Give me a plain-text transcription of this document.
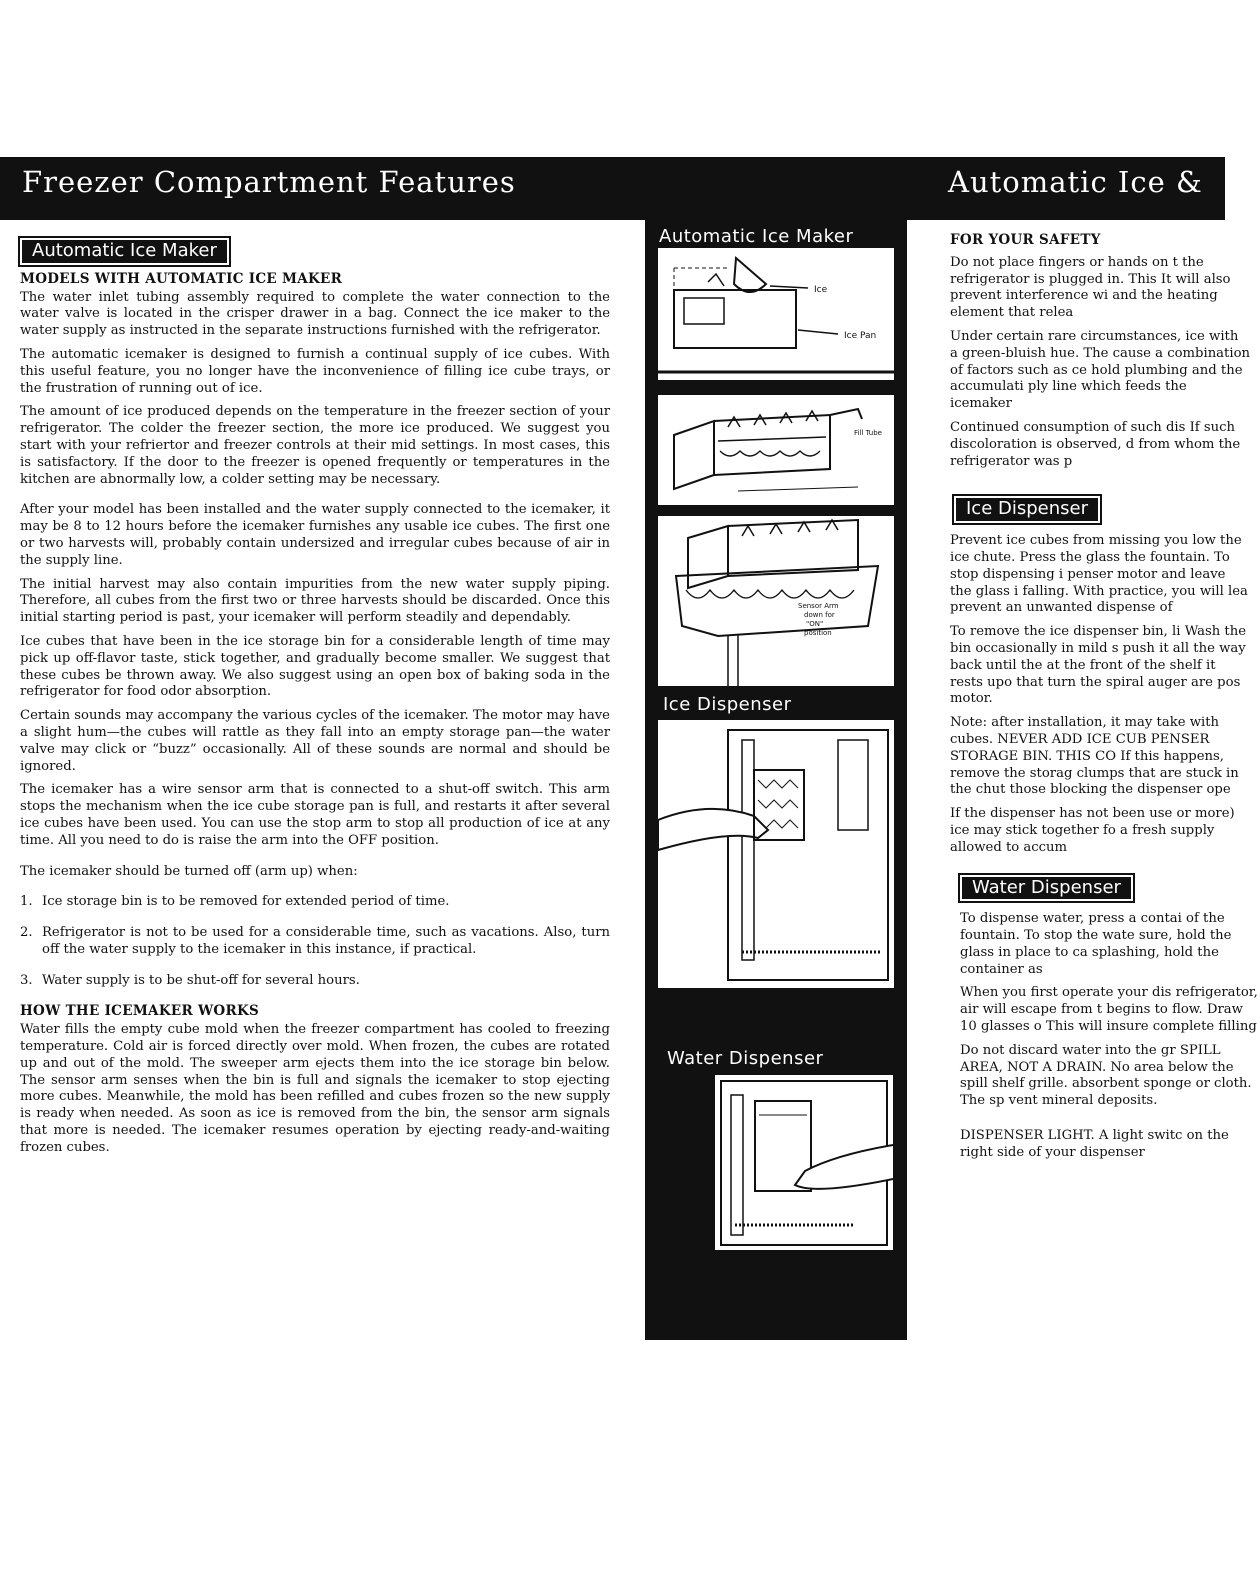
Freezer Compartment Features	Automatic Ice &
Automatic Ice Maker
MODELS WITH AUTOMATIC ICE MAKER

The water inlet tubing assembly required to complete the water connection to the water valve is located in the crisper drawer in a bag. Connect the ice maker to the water supply as instructed in the separate instructions furnished with the refrigerator.

The automatic icemaker is designed to furnish a continual supply of ice cubes. With this useful feature, you no longer have the inconvenience of filling ice cube trays, or the frustration of running out of ice.

The amount of ice produced depends on the temperature in the freezer section of your refrigerator. The colder the freezer section, the more ice produced. We suggest you start with your refriertor and freezer controls at their mid settings. In most cases, this is satisfactory. If the door to the freezer is opened frequently or temperatures in the kitchen are abnormally low, a colder setting may be necessary.

After your model has been installed and the water supply connected to the icemaker, it may be 8 to 12 hours before the icemaker furnishes any usable ice cubes. The first one or two harvests will, probably contain undersized and irregular cubes because of air in the supply line.

The initial harvest may also contain impurities from the new water supply piping. Therefore, all cubes from the first two or three harvests should be discarded. Once this initial starting period is past, your icemaker will perform steadily and dependably.

Ice cubes that have been in the ice storage bin for a considerable length of time may pick up off-flavor taste, stick together, and gradually become smaller. We suggest that these cubes be thrown away. We also suggest using an open box of baking soda in the refrigerator for food odor absorption.

Certain sounds may accompany the various cycles of the icemaker. The motor may have a slight hum—the cubes will rattle as they fall into an empty storage pan—the water valve may click or “buzz” occasionally. All of these sounds are normal and should be ignored.

The icemaker has a wire sensor arm that is connected to a shut-off switch. This arm stops the mechanism when the ice cube storage pan is full, and restarts it after several ice cubes have been used. You can use the stop arm to stop all production of ice at any time. All you need to do is raise the arm into the OFF position.

The icemaker should be turned off (arm up) when:

1. Ice storage bin is to be removed for extended period of time.
2. Refrigerator is not to be used for a considerable time, such as vacations. Also, turn off the water supply to the icemaker in this instance, if practical.
3. Water supply is to be shut-off for several hours.
HOW THE ICEMAKER WORKS

Water fills the empty cube mold when the freezer compartment has cooled to freezing temperature. Cold air is forced directly over mold. When frozen, the cubes are rotated up and out of the mold. The sweeper arm ejects them into the ice storage bin below. The sensor arm senses when the bin is full and signals the icemaker to stop ejecting more cubes. Meanwhile, the mold has been refilled and cubes frozen so the new supply is ready when needed. As soon as ice is removed from the bin, the sensor arm signals that more is needed. The icemaker resumes operation by ejecting ready-and-waiting frozen cubes.

Automatic Ice Maker
Ice
Ice Pan
Fill Tube
Sensor Arm
down for
"ON"
position
Ice Dispenser
Water Dispenser
FOR YOUR SAFETY

Do not place fingers or hands on t the refrigerator is plugged in. This It will also prevent interference wi and the heating element that relea

Under certain rare circumstances, ice with a green-bluish hue. The cause a combination of factors such as ce hold plumbing and the accumulati ply line which feeds the icemaker

Continued consumption of such dis If such discoloration is observed, d from whom the refrigerator was p

Ice Dispenser

Prevent ice cubes from missing you low the ice chute. Press the glass the fountain. To stop dispensing i penser motor and leave the glass i falling. With practice, you will lea prevent an unwanted dispense of

To remove the ice dispenser bin, li Wash the bin occasionally in mild s push it all the way back until the at the front of the shelf it rests upo that turn the spiral auger are pos motor.

Note: after installation, it may take with cubes. NEVER ADD ICE CUB PENSER STORAGE BIN. THIS CO If this happens, remove the storag clumps that are stuck in the chut those blocking the dispenser ope

If the dispenser has not been use or more) ice may stick together fo a fresh supply allowed to accum

Water Dispenser

To dispense water, press a contai of the fountain. To stop the wate sure, hold the glass in place to ca splashing, hold the container as

When you first operate your dis refrigerator, air will escape from t begins to flow. Draw 10 glasses o This will insure complete filling

Do not discard water into the gr SPILL AREA, NOT A DRAIN. No area below the spill shelf grille. absorbent sponge or cloth. The sp vent mineral deposits.

DISPENSER LIGHT. A light switc on the right side of your dispenser
